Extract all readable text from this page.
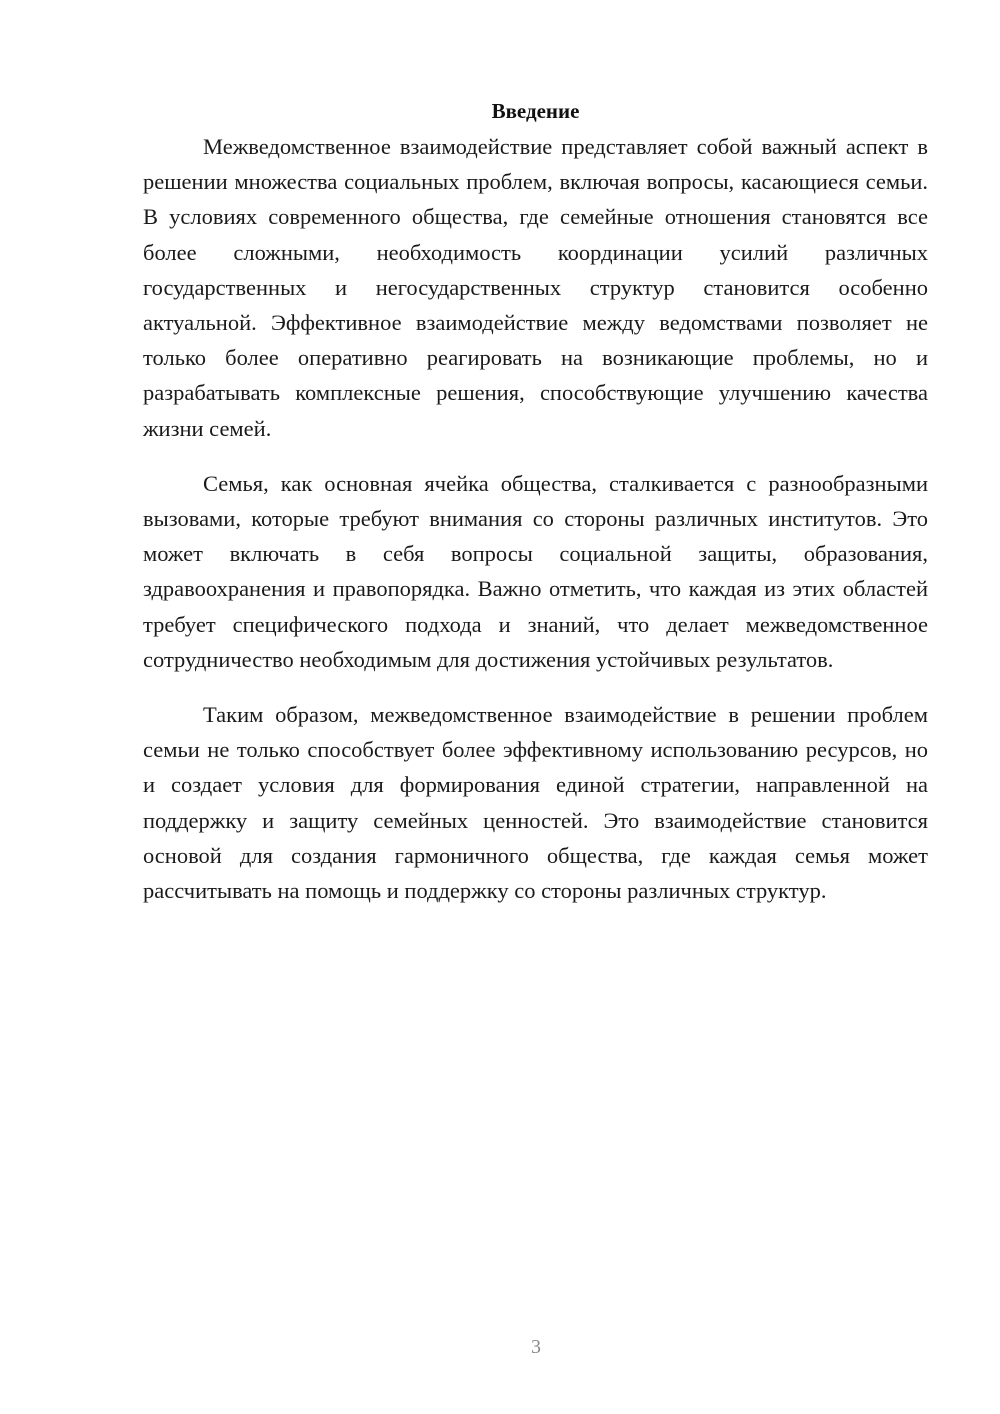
Введение

Межведомственное взаимодействие представляет собой важный аспект в решении множества социальных проблем, включая вопросы, касающиеся семьи. В условиях современного общества, где семейные отношения становятся все более сложными, необходимость координации усилий различных государственных и негосударственных структур становится особенно актуальной. Эффективное взаимодействие между ведомствами позволяет не только более оперативно реагировать на возникающие проблемы, но и разрабатывать комплексные решения, способствующие улучшению качества жизни семей.

Семья, как основная ячейка общества, сталкивается с разнообразными вызовами, которые требуют внимания со стороны различных институтов. Это может включать в себя вопросы социальной защиты, образования, здравоохранения и правопорядка. Важно отметить, что каждая из этих областей требует специфического подхода и знаний, что делает межведомственное сотрудничество необходимым для достижения устойчивых результатов.

Таким образом, межведомственное взаимодействие в решении проблем семьи не только способствует более эффективному использованию ресурсов, но и создает условия для формирования единой стратегии, направленной на поддержку и защиту семейных ценностей. Это взаимодействие становится основой для создания гармоничного общества, где каждая семья может рассчитывать на помощь и поддержку со стороны различных структур.

3
